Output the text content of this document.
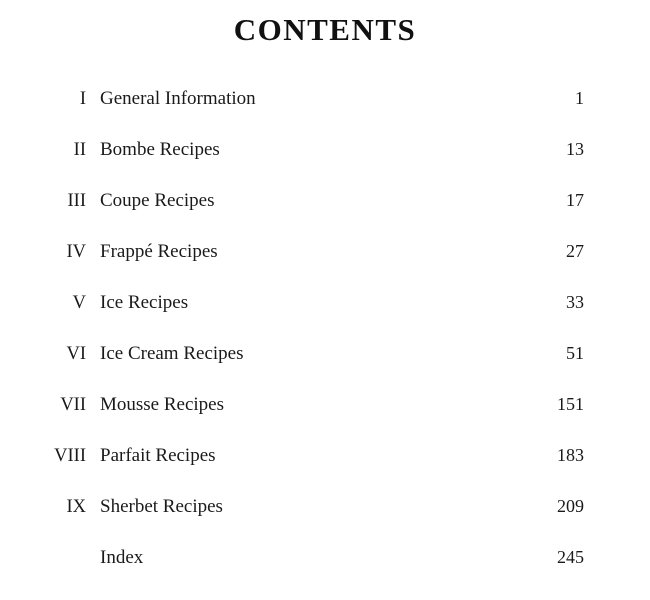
CONTENTS
I General Information	1
II Bombe Recipes	13
III Coupe Recipes	17
IV Frappé Recipes	27
V Ice Recipes	33
VI Ice Cream Recipes	51
VII Mousse Recipes	151
VIII Parfait Recipes	183
IX Sherbet Recipes	209
Index	245
